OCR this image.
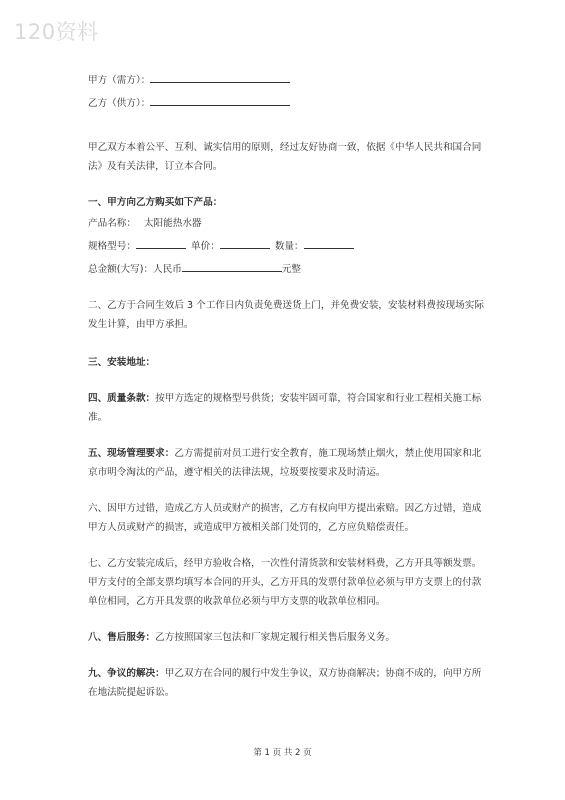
120资料
甲方（需方）：
乙方（供方）：
甲乙双方本着公平、互利、诚实信用的原则，经过友好协商一致，依据《中华人民共和国合同法》及有关法律，订立本合同。
一、甲方向乙方购买如下产品：
产品名称： 太阳能热水器
规格型号：	单价：	数量：
总金额(大写)：人民币	元整
二、乙方于合同生效后 3 个工作日内负责免费送货上门，并免费安装，安装材料费按现场实际发生计算，由甲方承担。
三、安装地址：
四、质量条款：按甲方选定的规格型号供货；安装牢固可靠，符合国家和行业工程相关施工标准。
五、现场管理要求：乙方需提前对员工进行安全教育，施工现场禁止烟火，禁止使用国家和北京市明令淘汰的产品，遵守相关的法律法规，垃圾要按要求及时清运。
六、因甲方过错，造成乙方人员或财产的损害，乙方有权向甲方提出索赔。因乙方过错，造成甲方人员或财产的损害，或造成甲方被相关部门处罚的，乙方应负赔偿责任。
七、乙方安装完成后，经甲方验收合格，一次性付清货款和安装材料费，乙方开具等额发票。甲方支付的全部支票均填写本合同的开头，乙方开具的发票付款单位必须与甲方支票上的付款单位相同，乙方开具发票的收款单位必须与甲方支票的收款单位相同。
八、售后服务：乙方按照国家三包法和厂家规定履行相关售后服务义务。
九、争议的解决：甲乙双方在合同的履行中发生争议，双方协商解决；协商不成的，向甲方所在地法院提起诉讼。
第 1 页 共 2 页
